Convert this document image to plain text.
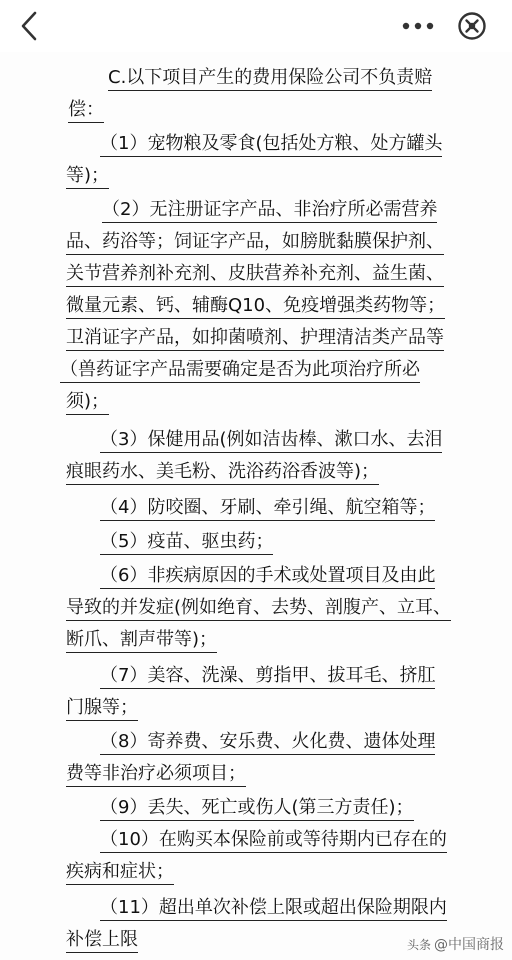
C.以下项目产生的费用保险公司不负责赔
偿：
（1）宠物粮及零食(包括处方粮、处方罐头
等)；
（2）无注册证字产品、非治疗所必需营养
品、药浴等；饲证字产品，如膀胱黏膜保护剂、
关节营养剂补充剂、皮肤营养补充剂、益生菌、
微量元素、钙、辅酶Q10、免疫增强类药物等；
卫消证字产品，如抑菌喷剂、护理清洁类产品等
（兽药证字产品需要确定是否为此项治疗所必
须)；
（3）保健用品(例如洁齿棒、漱口水、去泪
痕眼药水、美毛粉、洗浴药浴香波等)；
（4）防咬圈、牙刷、牵引绳、航空箱等；
（5）疫苗、驱虫药；
（6）非疾病原因的手术或处置项目及由此
导致的并发症(例如绝育、去势、剖腹产、立耳、
断爪、割声带等)；
（7）美容、洗澡、剪指甲、拔耳毛、挤肛
门腺等；
（8）寄养费、安乐费、火化费、遗体处理
费等非治疗必须项目；
（9）丢失、死亡或伤人(第三方责任)；
（10）在购买本保险前或等待期内已存在的
疾病和症状；
（11）超出单次补偿上限或超出保险期限内
补偿上限	头条 @中国商报
